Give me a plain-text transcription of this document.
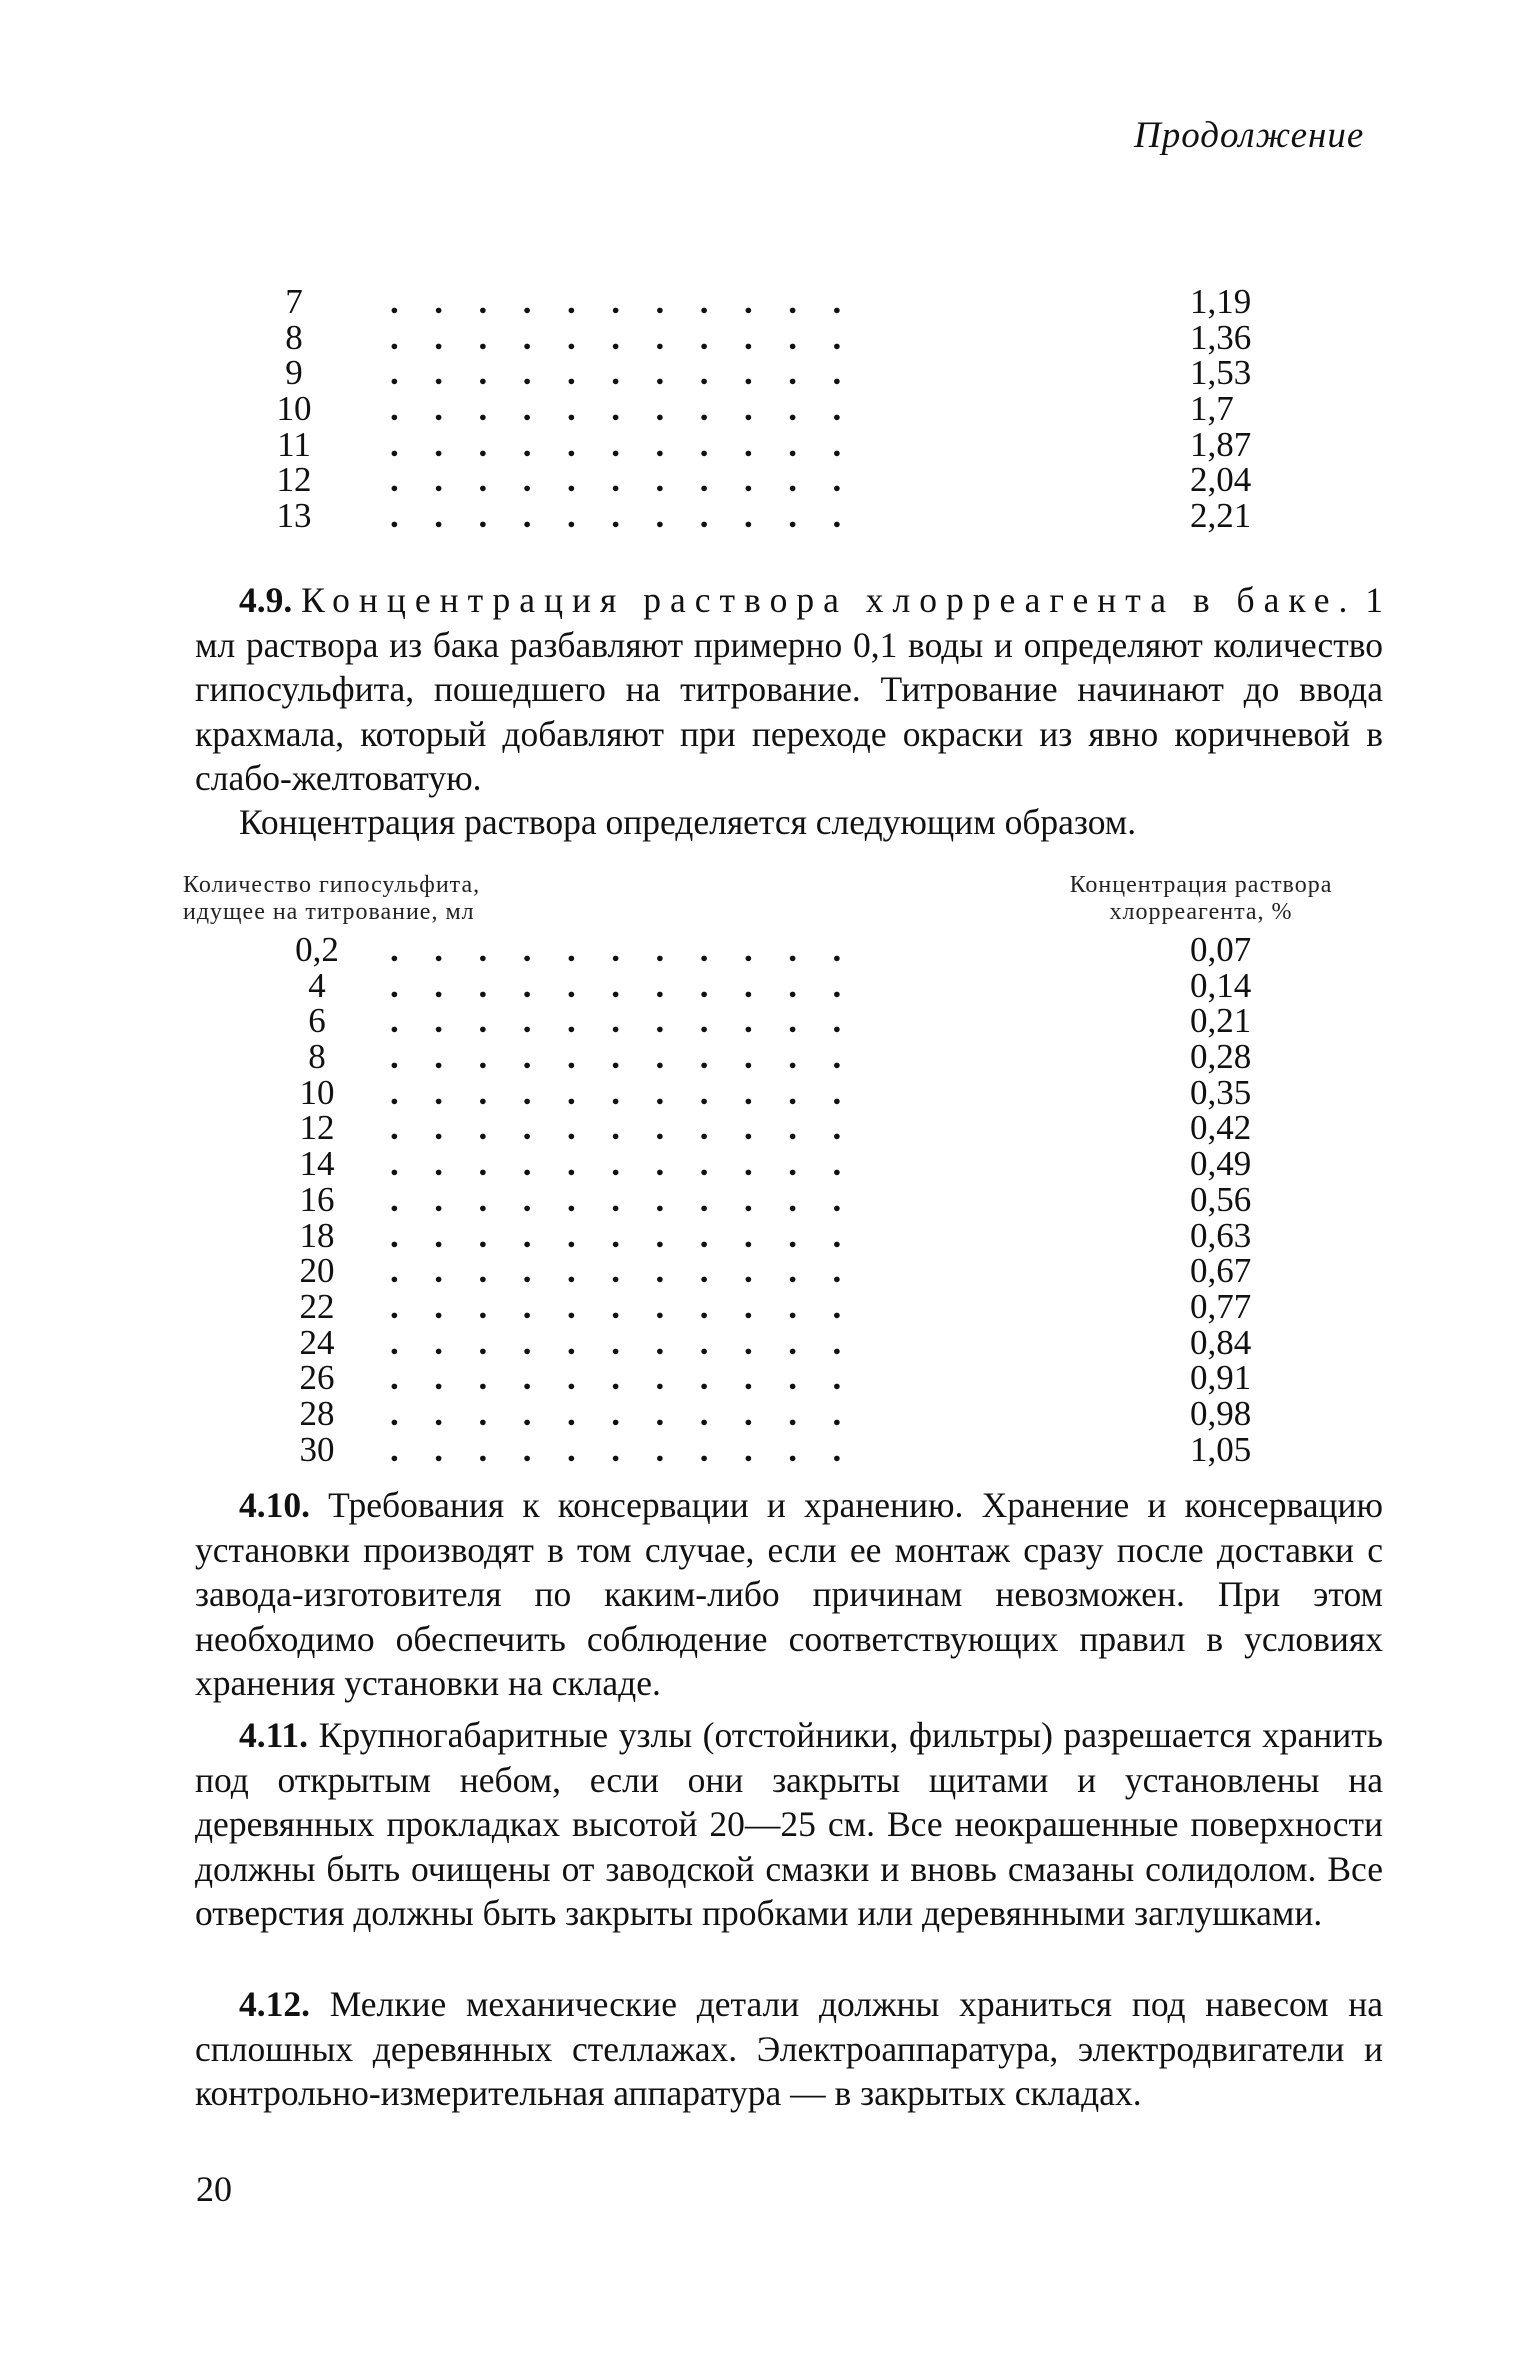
Продолжение
7	...........	1,19
8	...........	1,36
9	...........	1,53
10	...........	1,7
11	...........	1,87
12	...........	2,04
13	...........	2,21

4.9. Концентрация раствора хлорреагента в баке. 1 мл раствора из бака разбавляют примерно 0,1 воды и определяют количество гипосульфита, пошедшего на титрование. Титрование начинают до ввода крахмала, который добавляют при переходе окраски из явно коричневой в слабо-желтоватую.

Концентрация раствора определяется следующим образом.

Количество гипосульфита,
идущее на титрование, мл
Концентрация раствора
хлорреагента, %
0,2	...........	0,07
4	...........	0,14
6	...........	0,21
8	...........	0,28
10	...........	0,35
12	...........	0,42
14	...........	0,49
16	...........	0,56
18	...........	0,63
20	...........	0,67
22	...........	0,77
24	...........	0,84
26	...........	0,91
28	...........	0,98
30	...........	1,05

4.10. Требования к консервации и хранению. Хранение и консервацию установки производят в том случае, если ее монтаж сразу после доставки с завода-изготовителя по каким-либо причинам невозможен. При этом необходимо обеспечить соблюдение соответствующих правил в условиях хранения установки на складе.

4.11. Крупногабаритные узлы (отстойники, фильтры) разрешается хранить под открытым небом, если они закрыты щитами и установлены на деревянных прокладках высотой 20—25 см. Все неокрашенные поверхности должны быть очищены от заводской смазки и вновь смазаны солидолом. Все отверстия должны быть закрыты пробками или деревянными заглушками.

4.12. Мелкие механические детали должны храниться под навесом на сплошных деревянных стеллажах. Электроаппаратура, электродвигатели и контрольно-измерительная аппаратура — в закрытых складах.

20
